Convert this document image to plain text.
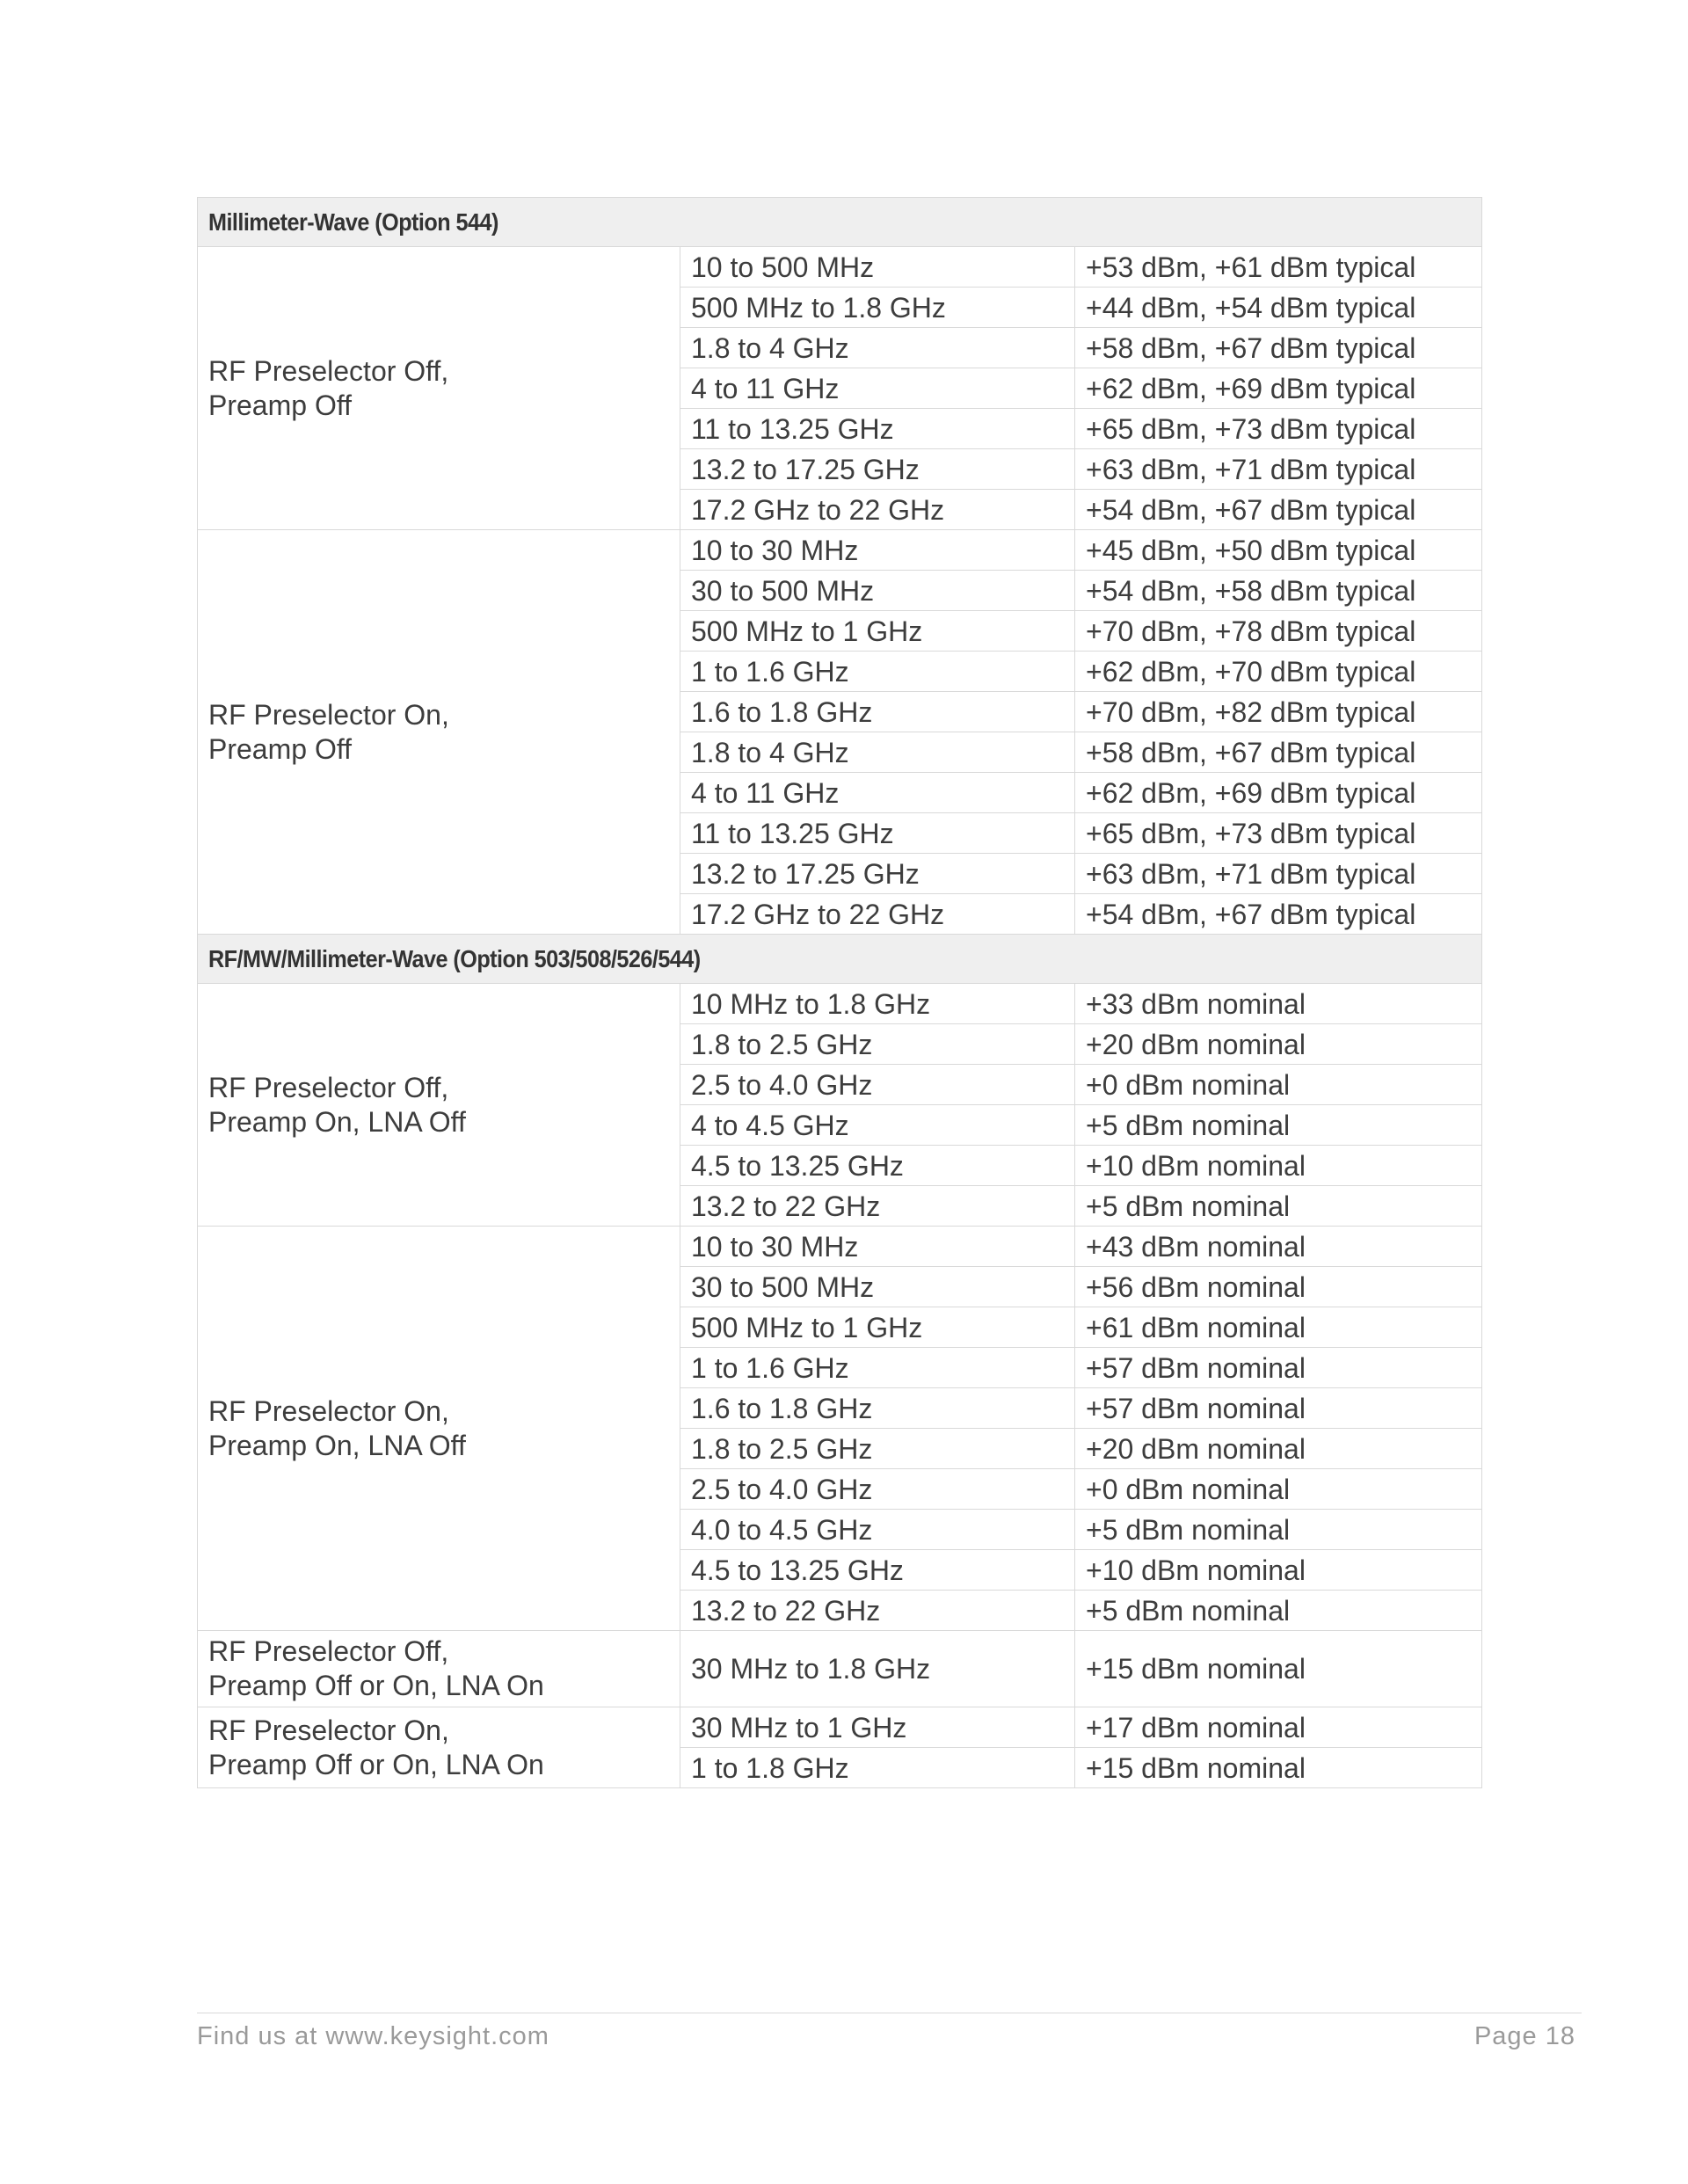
Millimeter-Wave (Option 544)		
RF Preselector Off,
Preamp Off	10 to 500 MHz	+53 dBm, +61 dBm typical
	500 MHz to 1.8 GHz	+44 dBm, +54 dBm typical
	1.8 to 4 GHz	+58 dBm, +67 dBm typical
	4 to 11 GHz	+62 dBm, +69 dBm typical
	11 to 13.25 GHz	+65 dBm, +73 dBm typical
	13.2 to 17.25 GHz	+63 dBm, +71 dBm typical
	17.2 GHz to 22 GHz	+54 dBm, +67 dBm typical
RF Preselector On,
Preamp Off	10 to 30 MHz	+45 dBm, +50 dBm typical
	30 to 500 MHz	+54 dBm, +58 dBm typical
	500 MHz to 1 GHz	+70 dBm, +78 dBm typical
	1 to 1.6 GHz	+62 dBm, +70 dBm typical
	1.6 to 1.8 GHz	+70 dBm, +82 dBm typical
	1.8 to 4 GHz	+58 dBm, +67 dBm typical
	4 to 11 GHz	+62 dBm, +69 dBm typical
	11 to 13.25 GHz	+65 dBm, +73 dBm typical
	13.2 to 17.25 GHz	+63 dBm, +71 dBm typical
	17.2 GHz to 22 GHz	+54 dBm, +67 dBm typical
RF/MW/Millimeter-Wave (Option 503/508/526/544)		
RF Preselector Off,
Preamp On, LNA Off	10 MHz to 1.8 GHz	+33 dBm nominal
	1.8 to 2.5 GHz	+20 dBm nominal
	2.5 to 4.0 GHz	+0 dBm nominal
	4 to 4.5 GHz	+5 dBm nominal
	4.5 to 13.25 GHz	+10 dBm nominal
	13.2 to 22 GHz	+5 dBm nominal
RF Preselector On,
Preamp On, LNA Off	10 to 30 MHz	+43 dBm nominal
	30 to 500 MHz	+56 dBm nominal
	500 MHz to 1 GHz	+61 dBm nominal
	1 to 1.6 GHz	+57 dBm nominal
	1.6 to 1.8 GHz	+57 dBm nominal
	1.8 to 2.5 GHz	+20 dBm nominal
	2.5 to 4.0 GHz	+0 dBm nominal
	4.0 to 4.5 GHz	+5 dBm nominal
	4.5 to 13.25 GHz	+10 dBm nominal
	13.2 to 22 GHz	+5 dBm nominal
RF Preselector Off,
Preamp Off or On, LNA On	30 MHz to 1.8 GHz	+15 dBm nominal
RF Preselector On,
Preamp Off or On, LNA On	30 MHz to 1 GHz	+17 dBm nominal
	1 to 1.8 GHz	+15 dBm nominal
Find us at www.keysight.com	Page 18
